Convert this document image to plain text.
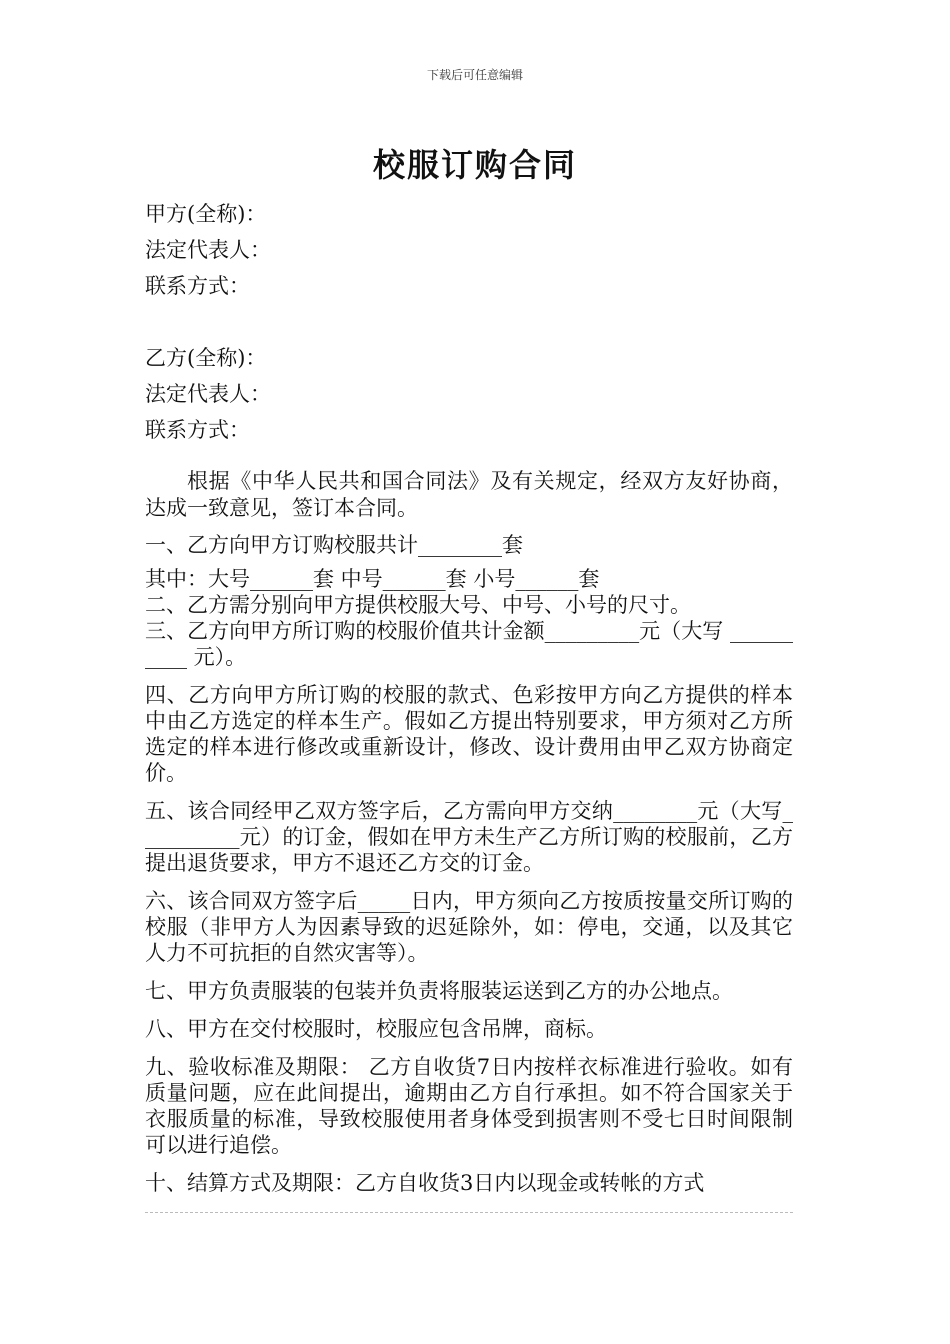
下载后可任意编辑
校服订购合同

甲方(全称)：

法定代表人：

联系方式：

乙方(全称)：

法定代表人：

联系方式：

根据《中华人民共和国合同法》及有关规定，经双方友好协商，达成一致意见，签订本合同。

一、乙方向甲方订购校服共计________套

其中：大号______套 中号______套 小号______套

二、乙方需分别向甲方提供校服大号、中号、小号的尺寸。

三、乙方向甲方所订购的校服价值共计金额_________元（大写 __________ 元）。

四、乙方向甲方所订购的校服的款式、色彩按甲方向乙方提供的样本中由乙方选定的样本生产。假如乙方提出特别要求，甲方须对乙方所选定的样本进行修改或重新设计，修改、设计费用由甲乙双方协商定价。

五、该合同经甲乙双方签字后，乙方需向甲方交纳________元（大写__________元）的订金，假如在甲方未生产乙方所订购的校服前，乙方提出退货要求，甲方不退还乙方交的订金。

六、该合同双方签字后_____日内，甲方须向乙方按质按量交所订购的校服（非甲方人为因素导致的迟延除外，如：停电，交通，以及其它人力不可抗拒的自然灾害等）。

七、甲方负责服装的包装并负责将服装运送到乙方的办公地点。

八、甲方在交付校服时，校服应包含吊牌，商标。

九、验收标准及期限： 乙方自收货7日内按样衣标准进行验收。如有质量问题，应在此间提出，逾期由乙方自行承担。如不符合国家关于衣服质量的标准，导致校服使用者身体受到损害则不受七日时间限制可以进行追偿。

十、结算方式及期限：乙方自收货3日内以现金或转帐的方式
